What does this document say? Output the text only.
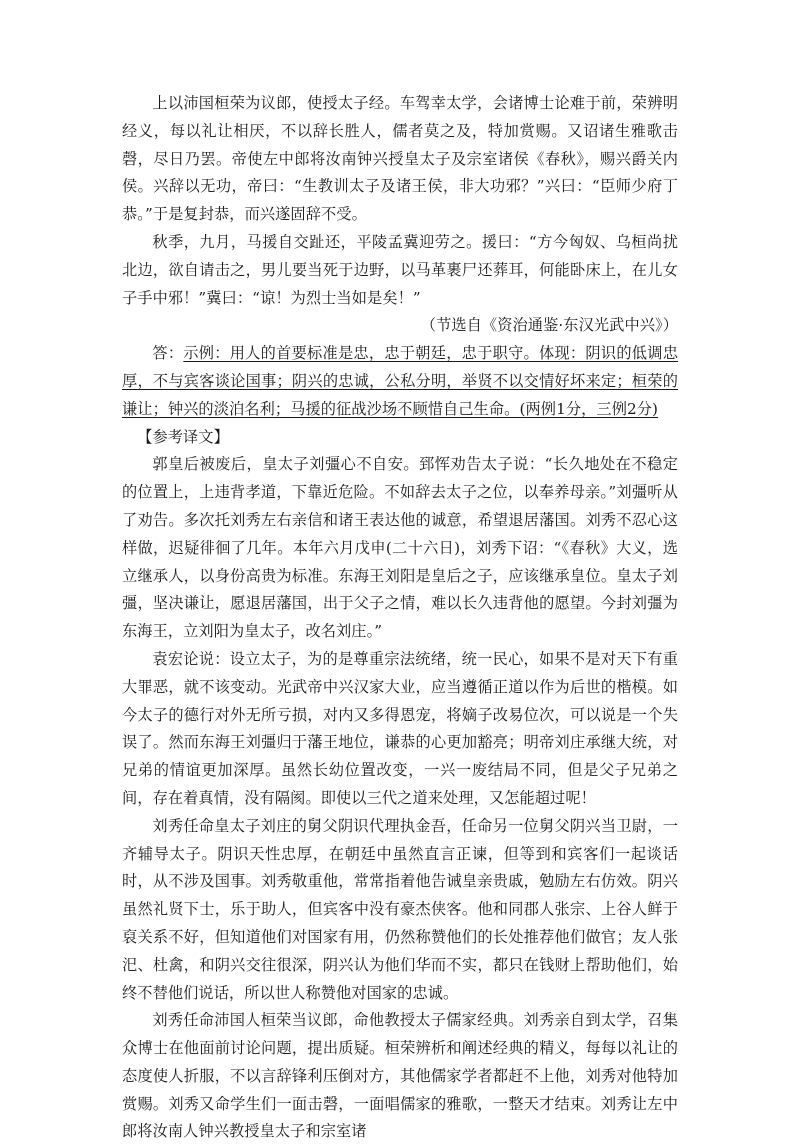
上以沛国桓荣为议郎，使授太子经。车驾幸太学，会诸博士论难于前，荣辨明经义，每以礼让相厌，不以辞长胜人，儒者莫之及，特加赏赐。又诏诸生雅歌击磬，尽日乃罢。帝使左中郎将汝南钟兴授皇太子及宗室诸侯《春秋》，赐兴爵关内侯。兴辞以无功，帝曰：“生教训太子及诸王侯，非大功邪？”兴曰：“臣师少府丁恭。”于是复封恭，而兴遂固辞不受。

秋季，九月，马援自交趾还，平陵孟冀迎劳之。援曰：“方今匈奴、乌桓尚扰北边，欲自请击之，男儿要当死于边野，以马革裹尸还葬耳，何能卧床上，在儿女子手中邪！”冀曰：“谅！为烈士当如是矣！”

（节选自《资治通鉴·东汉光武中兴》）

答：示例：用人的首要标准是忠，忠于朝廷，忠于职守。体现：阴识的低调忠厚，不与宾客谈论国事；阴兴的忠诚，公私分明，举贤不以交情好坏来定；桓荣的谦让；钟兴的淡泊名利；马援的征战沙场不顾惜自己生命。(两例1分，三例2分)

【参考译文】

郭皇后被废后，皇太子刘彊心不自安。郅恽劝告太子说：“长久地处在不稳定的位置上，上违背孝道，下靠近危险。不如辞去太子之位，以奉养母亲。”刘彊听从了劝告。多次托刘秀左右亲信和诸王表达他的诚意，希望退居藩国。刘秀不忍心这样做，迟疑徘徊了几年。本年六月戊申(二十六日)，刘秀下诏：“《春秋》大义，选立继承人，以身份高贵为标准。东海王刘阳是皇后之子，应该继承皇位。皇太子刘彊，坚决谦让，愿退居藩国，出于父子之情，难以长久违背他的愿望。今封刘彊为东海王，立刘阳为皇太子，改名刘庄。”

袁宏论说：设立太子，为的是尊重宗法统绪，统一民心，如果不是对天下有重大罪恶，就不该变动。光武帝中兴汉家大业，应当遵循正道以作为后世的楷模。如今太子的德行对外无所亏损，对内又多得恩宠，将嫡子改易位次，可以说是一个失误了。然而东海王刘彊归于藩王地位，谦恭的心更加豁亮；明帝刘庄承继大统，对兄弟的情谊更加深厚。虽然长幼位置改变，一兴一废结局不同，但是父子兄弟之间，存在着真情，没有隔阂。即使以三代之道来处理，又怎能超过呢！

刘秀任命皇太子刘庄的舅父阴识代理执金吾，任命另一位舅父阴兴当卫尉，一齐辅导太子。阴识天性忠厚，在朝廷中虽然直言正谏，但等到和宾客们一起谈话时，从不涉及国事。刘秀敬重他，常常指着他告诫皇亲贵戚，勉励左右仿效。阴兴虽然礼贤下士，乐于助人，但宾客中没有豪杰侠客。他和同郡人张宗、上谷人鲜于裒关系不好，但知道他们对国家有用，仍然称赞他们的长处推荐他们做官；友人张汜、杜禽，和阴兴交往很深，阴兴认为他们华而不实，都只在钱财上帮助他们，始终不替他们说话，所以世人称赞他对国家的忠诚。

刘秀任命沛国人桓荣当议郎，命他教授太子儒家经典。刘秀亲自到太学，召集众博士在他面前讨论问题，提出质疑。桓荣辨析和阐述经典的精义，每每以礼让的态度使人折服，不以言辞锋利压倒对方，其他儒家学者都赶不上他，刘秀对他特加赏赐。刘秀又命学生们一面击磬，一面唱儒家的雅歌，一整天才结束。刘秀让左中郎将汝南人钟兴教授皇太子和宗室诸
